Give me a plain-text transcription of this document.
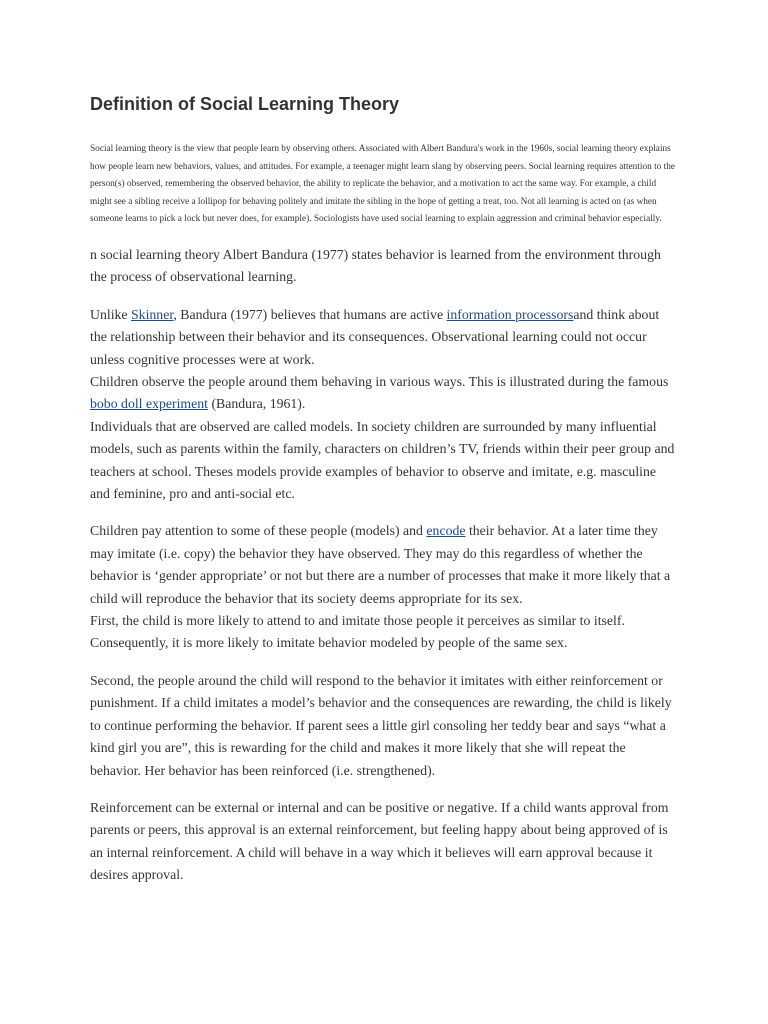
Definition of Social Learning Theory

Social learning theory is the view that people learn by observing others. Associated with Albert Bandura's work in the 1960s, social learning theory explains how people learn new behaviors, values, and attitudes. For example, a teenager might learn slang by observing peers. Social learning requires attention to the person(s) observed, remembering the observed behavior, the ability to replicate the behavior, and a motivation to act the same way. For example, a child might see a sibling receive a lollipop for behaving politely and imitate the sibling in the hope of getting a treat, too. Not all learning is acted on (as when someone learns to pick a lock but never does, for example). Sociologists have used social learning to explain aggression and criminal behavior especially.

n social learning theory Albert Bandura (1977) states behavior is learned from the environment through the process of observational learning.

Unlike Skinner, Bandura (1977) believes that humans are active information processorsand think about the relationship between their behavior and its consequences. Observational learning could not occur unless cognitive processes were at work.

Children observe the people around them behaving in various ways. This is illustrated during the famous bobo doll experiment (Bandura, 1961).

Individuals that are observed are called models. In society children are surrounded by many influential models, such as parents within the family, characters on children’s TV, friends within their peer group and teachers at school. Theses models provide examples of behavior to observe and imitate, e.g. masculine and feminine, pro and anti-social etc.

Children pay attention to some of these people (models) and encode their behavior. At a later time they may imitate (i.e. copy) the behavior they have observed. They may do this regardless of whether the behavior is ‘gender appropriate’ or not but there are a number of processes that make it more likely that a child will reproduce the behavior that its society deems appropriate for its sex.

First, the child is more likely to attend to and imitate those people it perceives as similar to itself. Consequently, it is more likely to imitate behavior modeled by people of the same sex.

Second, the people around the child will respond to the behavior it imitates with either reinforcement or punishment. If a child imitates a model’s behavior and the consequences are rewarding, the child is likely to continue performing the behavior. If parent sees a little girl consoling her teddy bear and says “what a kind girl you are”, this is rewarding for the child and makes it more likely that she will repeat the behavior. Her behavior has been reinforced (i.e. strengthened).

Reinforcement can be external or internal and can be positive or negative. If a child wants approval from parents or peers, this approval is an external reinforcement, but feeling happy about being approved of is an internal reinforcement. A child will behave in a way which it believes will earn approval because it desires approval.
